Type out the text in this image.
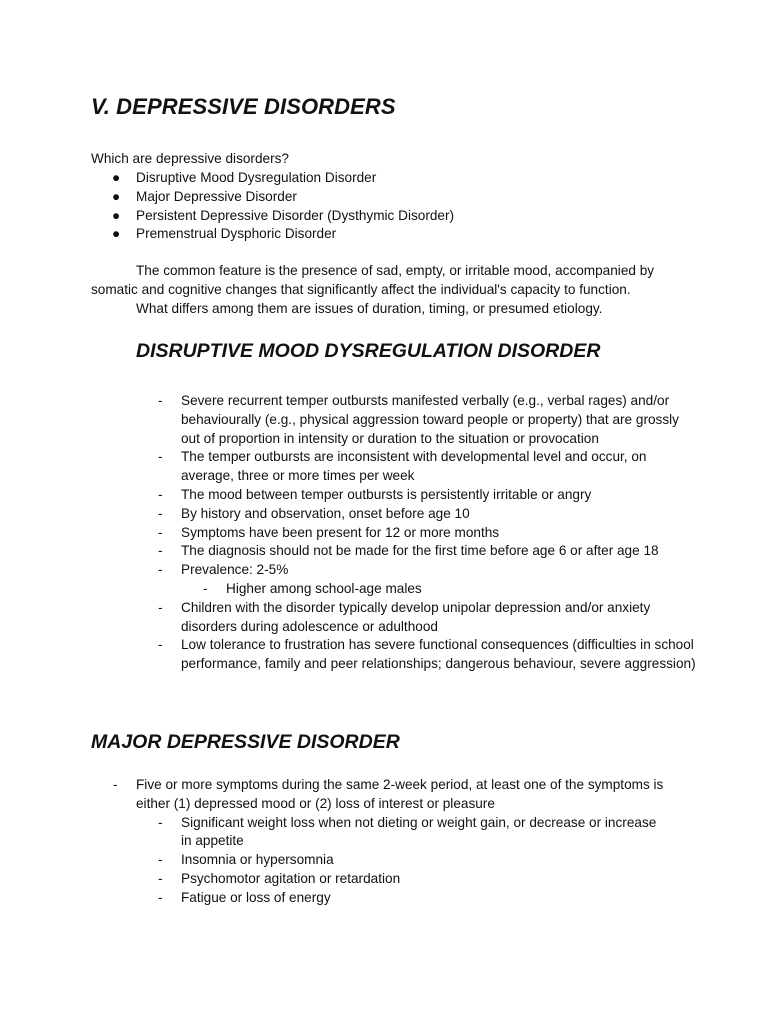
V. DEPRESSIVE DISORDERS

Which are depressive disorders?

● Disruptive Mood Dysregulation Disorder
● Major Depressive Disorder
● Persistent Depressive Disorder (Dysthymic Disorder)
● Premenstrual Dysphoric Disorder

The common feature is the presence of sad, empty, or irritable mood, accompanied by

somatic and cognitive changes that significantly affect the individual's capacity to function.

What differs among them are issues of duration, timing, or presumed etiology.

DISRUPTIVE MOOD DYSREGULATION DISORDER
- Severe recurrent temper outbursts manifested verbally (e.g., verbal rages) and/or behaviourally (e.g., physical aggression toward people or property) that are grossly out of proportion in intensity or duration to the situation or provocation
- The temper outbursts are inconsistent with developmental level and occur, on average, three or more times per week
- The mood between temper outbursts is persistently irritable or angry
- By history and observation, onset before age 10
- Symptoms have been present for 12 or more months
- The diagnosis should not be made for the first time before age 6 or after age 18
- Prevalence: 2-5%
- Higher among school-age males
- Children with the disorder typically develop unipolar depression and/or anxiety disorders during adolescence or adulthood
- Low tolerance to frustration has severe functional consequences (difficulties in school performance, family and peer relationships; dangerous behaviour, severe aggression)
MAJOR DEPRESSIVE DISORDER
- Five or more symptoms during the same 2-week period, at least one of the symptoms is either (1) depressed mood or (2) loss of interest or pleasure
- Significant weight loss when not dieting or weight gain, or decrease or increase in appetite
- Insomnia or hypersomnia
- Psychomotor agitation or retardation
- Fatigue or loss of energy
